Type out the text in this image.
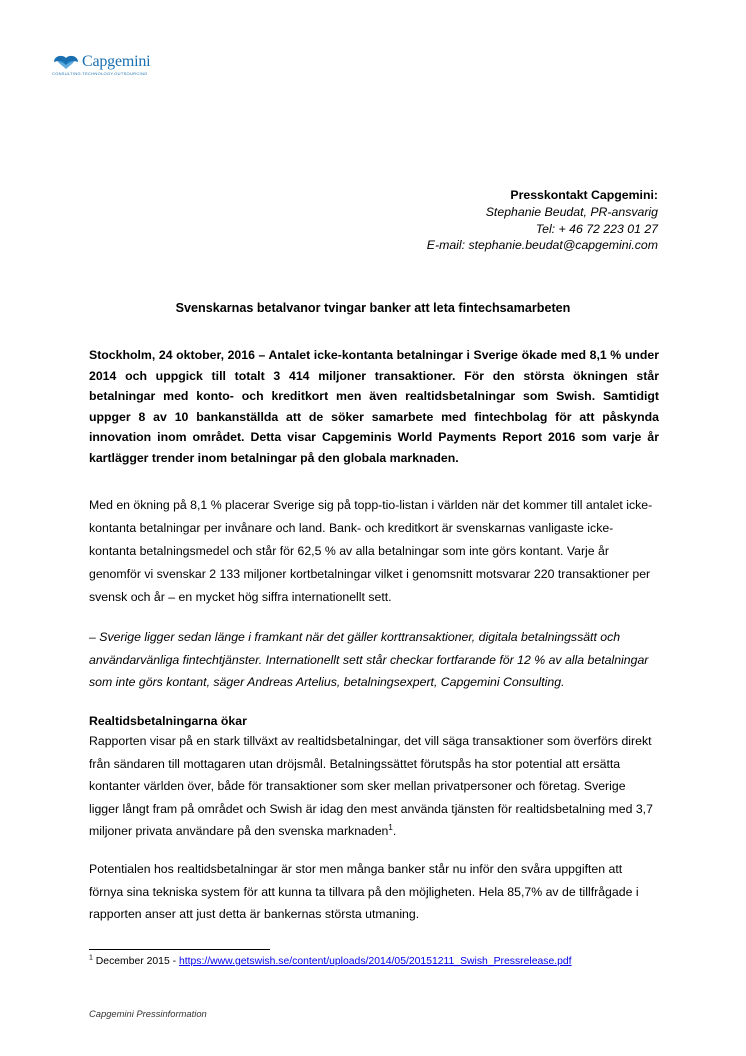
Capgemini
CONSULTING.TECHNOLOGY.OUTSOURCING
Presskontakt Capgemini:
Stephanie Beudat, PR-ansvarig
Tel: + 46 72 223 01 27
E-mail: stephanie.beudat@capgemini.com
Svenskarnas betalvanor tvingar banker att leta fintechsamarbeten

Stockholm, 24 oktober, 2016 – Antalet icke-kontanta betalningar i Sverige ökade med 8,1 % under 2014 och uppgick till totalt 3 414 miljoner transaktioner. För den största ökningen står betalningar med konto- och kreditkort men även realtidsbetalningar som Swish. Samtidigt uppger 8 av 10 bankanställda att de söker samarbete med fintechbolag för att påskynda innovation inom området. Detta visar Capgeminis World Payments Report 2016 som varje år kartlägger trender inom betalningar på den globala marknaden.

Med en ökning på 8,1 % placerar Sverige sig på topp-tio-listan i världen när det kommer till antalet icke-kontanta betalningar per invånare och land. Bank- och kreditkort är svenskarnas vanligaste icke-kontanta betalningsmedel och står för 62,5 % av alla betalningar som inte görs kontant. Varje år genomför vi svenskar 2 133 miljoner kortbetalningar vilket i genomsnitt motsvarar 220 transaktioner per svensk och år – en mycket hög siffra internationellt sett.

– Sverige ligger sedan länge i framkant när det gäller korttransaktioner, digitala betalningssätt och användarvänliga fintechtjänster. Internationellt sett står checkar fortfarande för 12 % av alla betalningar som inte görs kontant, säger Andreas Artelius, betalningsexpert, Capgemini Consulting.

Realtidsbetalningarna ökar

Rapporten visar på en stark tillväxt av realtidsbetalningar, det vill säga transaktioner som överförs direkt från sändaren till mottagaren utan dröjsmål. Betalningssättet förutspås ha stor potential att ersätta kontanter världen över, både för transaktioner som sker mellan privatpersoner och företag. Sverige ligger långt fram på området och Swish är idag den mest använda tjänsten för realtidsbetalning med 3,7 miljoner privata användare på den svenska marknaden$^1$.

Potentialen hos realtidsbetalningar är stor men många banker står nu inför den svåra uppgiften att förnya sina tekniska system för att kunna ta tillvara på den möjligheten. Hela 85,7% av de tillfrågade i rapporten anser att just detta är bankernas största utmaning.

$^1$ December 2015 - https://www.getswish.se/content/uploads/2014/05/20151211_Swish_Pressrelease.pdf
Capgemini Pressinformation
